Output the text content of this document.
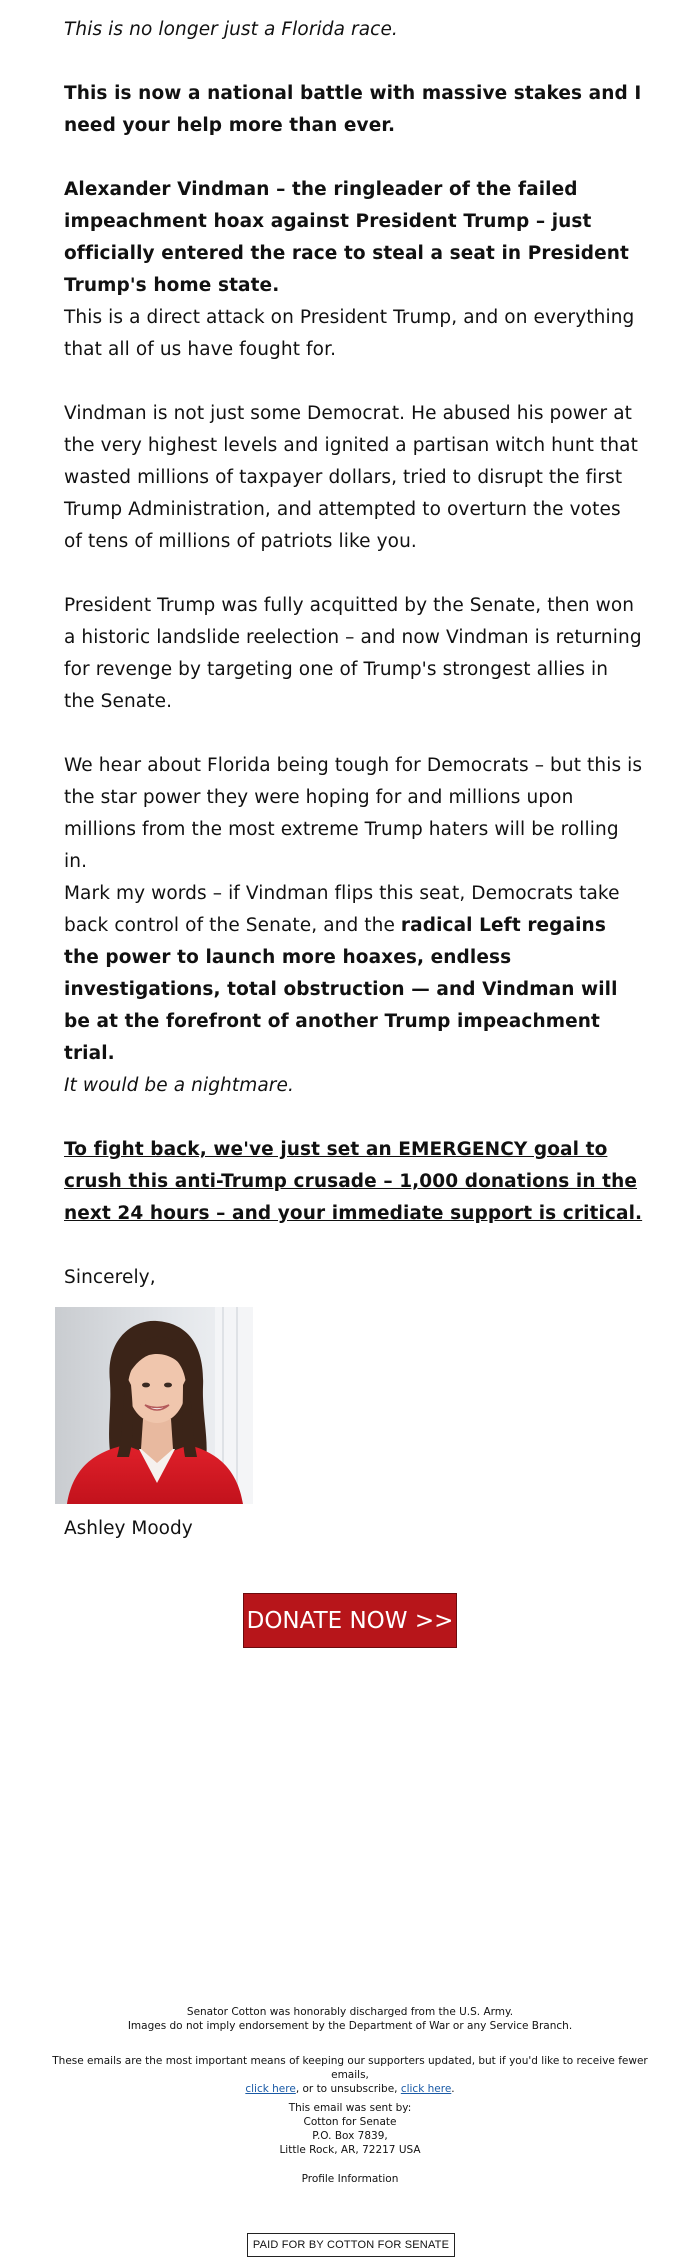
This is no longer just a Florida race.

This is now a national battle with massive stakes and I need your help more than ever.

Alexander Vindman – the ringleader of the failed impeachment hoax against President Trump – just officially entered the race to steal a seat in President Trump's home state.

This is a direct attack on President Trump, and on everything that all of us have fought for.

Vindman is not just some Democrat. He abused his power at the very highest levels and ignited a partisan witch hunt that wasted millions of taxpayer dollars, tried to disrupt the first Trump Administration, and attempted to overturn the votes of tens of millions of patriots like you.

President Trump was fully acquitted by the Senate, then won a historic landslide reelection – and now Vindman is returning for revenge by targeting one of Trump's strongest allies in the Senate.

We hear about Florida being tough for Democrats – but this is the star power they were hoping for and millions upon millions from the most extreme Trump haters will be rolling in.

Mark my words – if Vindman flips this seat, Democrats take back control of the Senate, and the radical Left regains the power to launch more hoaxes, endless investigations, total obstruction — and Vindman will be at the forefront of another Trump impeachment trial.

It would be a nightmare.

To fight back, we've just set an EMERGENCY goal to crush this anti-Trump crusade – 1,000 donations in the next 24 hours – and your immediate support is critical.

Sincerely,

Ashley Moody

DONATE NOW >>
Senator Cotton was honorably discharged from the U.S. Army.
Images do not imply endorsement by the Department of War or any Service Branch.
These emails are the most important means of keeping our supporters updated, but if you'd like to receive fewer emails,
click here, or to unsubscribe, click here.
This email was sent by:
Cotton for Senate
P.O. Box 7839,
Little Rock, AR, 72217 USA
Profile Information
PAID FOR BY COTTON FOR SENATE
